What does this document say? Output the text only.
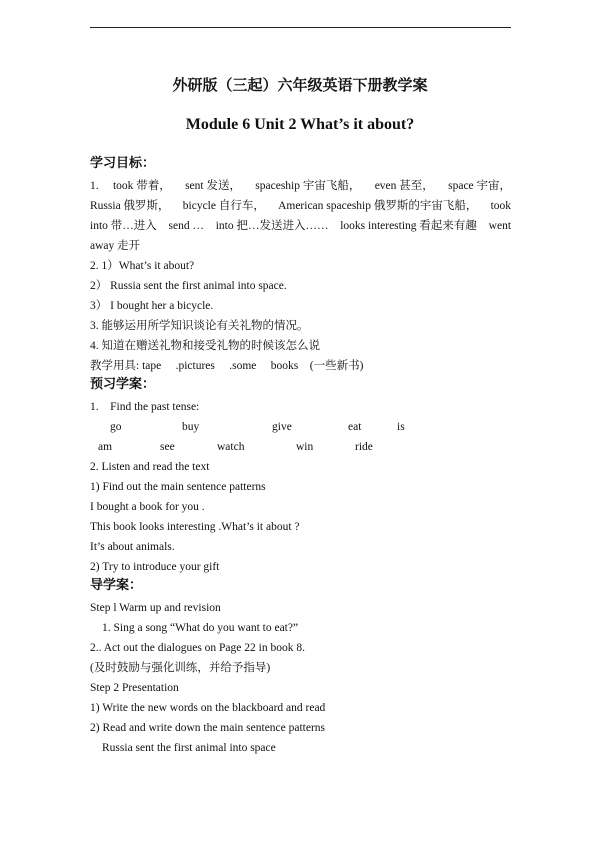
外研版（三起）六年级英语下册教学案
Module 6 Unit 2 What’s it about?
学习目标：
1. took 带着， sent 发送， spaceship 宇宙飞船， even 甚至， space 宇宙，
Russia 俄罗斯， bicycle 自行车， American spaceship 俄罗斯的宇宙飞船， took
into 带…进入 send … into 把…发送进入…… looks interesting 看起来有趣 went
away 走开
2. 1）What’s it about?
2） Russia sent the first animal into space.
3） I bought her a bicycle.
3. 能够运用所学知识谈论有关礼物的情况。
4. 知道在赠送礼物和接受礼物的时候该怎么说
教学用具: tape     .pictures     .some     books    (一些新书)
预习学案：
1.    Find the past tense:
go	buy	give	eat	is
am	see	watch	win	ride
2. Listen and read the text
1) Find out the main sentence patterns
I bought a book for you .
This book looks interesting .What’s it about ?
It’s about animals.
2) Try to introduce your gift
导学案：
Step l Warm up and revision
1. Sing a song “What do you want to eat?”
2.. Act out the dialogues on Page 22 in book 8.
(及时鼓励与强化训练，并给予指导)
Step 2 Presentation
1) Write the new words on the blackboard and read
2) Read and write down the main sentence patterns
Russia sent the first animal into space
